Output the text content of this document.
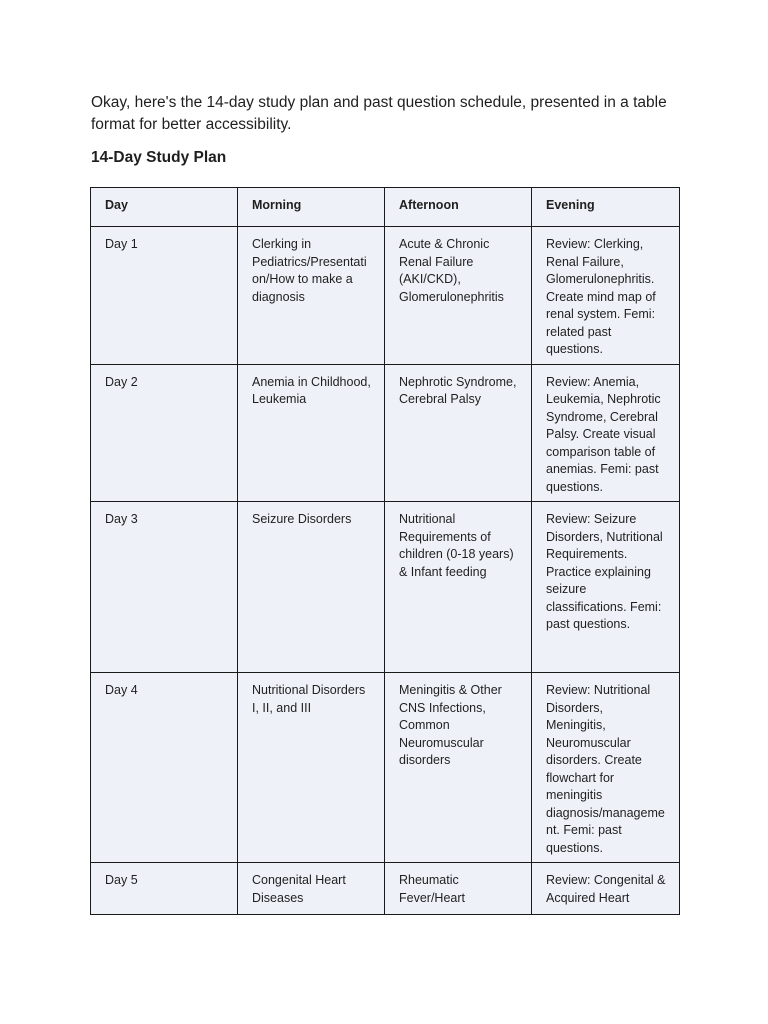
Okay, here's the 14-day study plan and past question schedule, presented in a table format for better accessibility.

14-Day Study Plan
Day	Morning	Afternoon	Evening
Day 1	Clerking in Pediatrics/Presentation/How to make a diagnosis	Acute & Chronic Renal Failure (AKI/CKD), Glomerulonephritis	Review: Clerking, Renal Failure, Glomerulonephritis. Create mind map of renal system. Femi: related past questions.
Day 2	Anemia in Childhood, Leukemia	Nephrotic Syndrome, Cerebral Palsy	Review: Anemia, Leukemia, Nephrotic Syndrome, Cerebral Palsy. Create visual comparison table of anemias. Femi: past questions.
Day 3	Seizure Disorders	Nutritional Requirements of children (0-18 years) & Infant feeding	Review: Seizure Disorders, Nutritional Requirements. Practice explaining seizure classifications. Femi: past questions.
Day 4	Nutritional Disorders I, II, and III	Meningitis & Other CNS Infections, Common Neuromuscular disorders	Review: Nutritional Disorders, Meningitis, Neuromuscular disorders. Create flowchart for meningitis diagnosis/management. Femi: past questions.
Day 5	Congenital Heart Diseases	Rheumatic Fever/Heart	Review: Congenital & Acquired Heart
